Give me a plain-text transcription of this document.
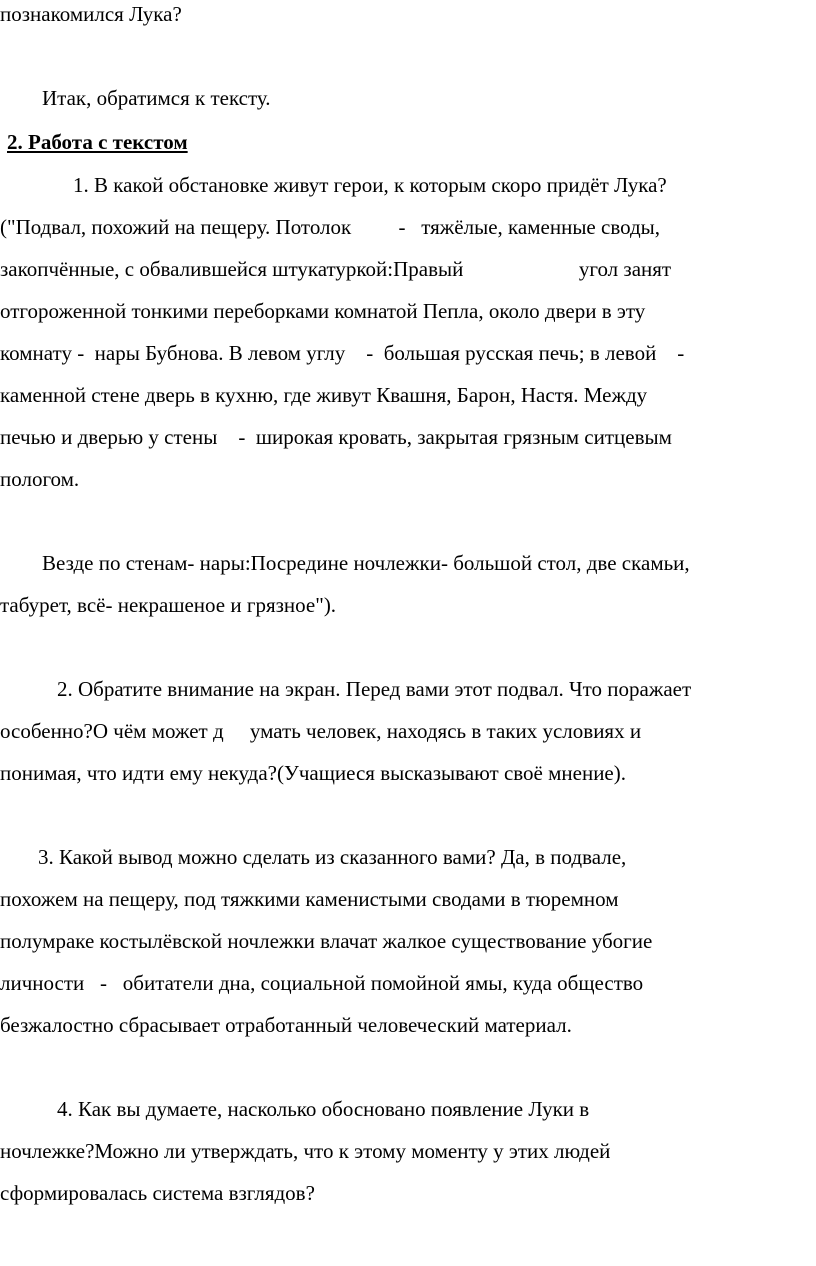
познакомился Лука?
Итак, обратимся к тексту.
2. Работа с текстом
1. В какой обстановке живут герои, к которым скоро придёт Лука?
("Подвал, похожий на пещеру. Потолок         -   тяжёлые, каменные своды,
закопчённые, с обвалившейся штукатуркой:Правый                      угол занят
отгороженной тонкими переборками комнатой Пепла, около двери в эту
комнату -  нары Бубнова. В левом углу    -  большая русская печь; в левой    -
каменной стене дверь в кухню, где живут Квашня, Барон, Настя. Между
печью и дверью у стены    -  широкая кровать, закрытая грязным ситцевым
пологом.
Везде по стенам- нары:Посредине ночлежки- большой стол, две скамьи,
табурет, всё- некрашеное и грязное").
2. Обратите внимание на экран. Перед вами этот подвал. Что поражает
особенно?О чём может д     умать человек, находясь в таких условиях и
понимая, что идти ему некуда?(Учащиеся высказывают своё мнение).
3. Какой вывод можно сделать из сказанного вами? Да, в подвале,
похожем на пещеру, под тяжкими каменистыми сводами в тюремном
полумраке костылёвской ночлежки влачат жалкое существование убогие
личности   -   обитатели дна, социальной помойной ямы, куда общество
безжалостно сбрасывает отработанный человеческий материал.
4. Как вы думаете, насколько обосновано появление Луки в
ночлежке?Можно ли утверждать, что к этому моменту у этих людей
сформировалась система взглядов?
